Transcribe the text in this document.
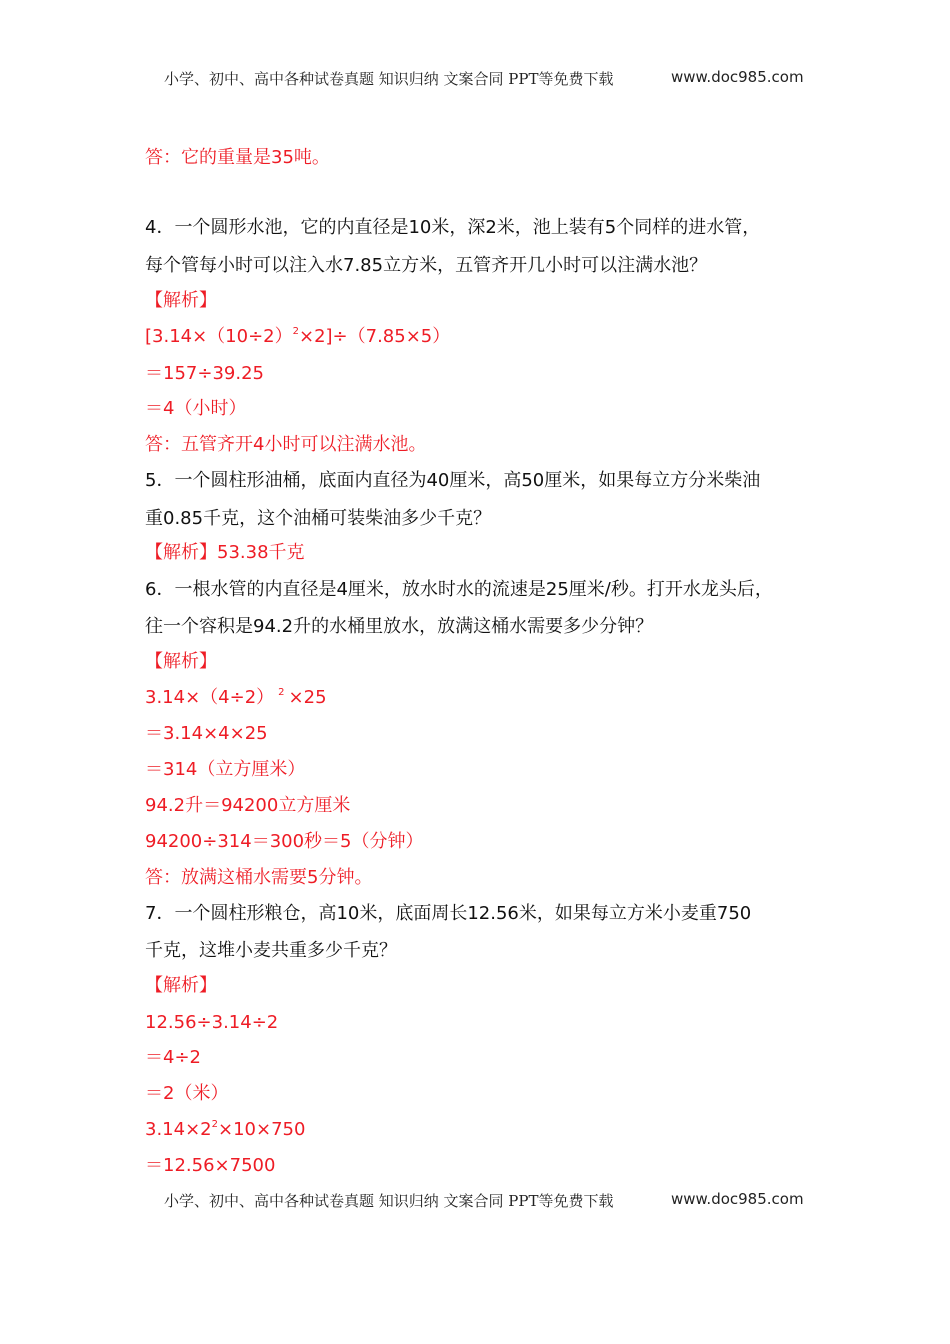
小学、初中、高中各种试卷真题 知识归纳 文案合同 PPT等免费下载	www.doc985.com
答：它的重量是35吨。
4．一个圆形水池，它的内直径是10米，深2米，池上装有5个同样的进水管，
每个管每小时可以注入水7.85立方米，五管齐开几小时可以注满水池？
【解析】
$[3.14\times(10\div 2)^2\times 2]\div(7.85\times 5)$
＝157÷39.25
＝4（小时）
答：五管齐开4小时可以注满水池。
5．一个圆柱形油桶，底面内直径为40厘米，高50厘米，如果每立方分米柴油
重0.85千克，这个油桶可装柴油多少千克？
【解析】53.38千克
6．一根水管的内直径是4厘米，放水时水的流速是25厘米/秒。打开水龙头后，
往一个容积是94.2升的水桶里放水，放满这桶水需要多少分钟？
【解析】
3.14×（4÷2） $^2$ ×25
＝3.14×4×25
＝314（立方厘米）
94.2升＝94200立方厘米
94200÷314＝300秒＝5（分钟）
答：放满这桶水需要5分钟。
7．一个圆柱形粮仓，高10米，底面周长12.56米，如果每立方米小麦重750
千克，这堆小麦共重多少千克？
【解析】
12.56÷3.14÷2
＝4÷2
＝2（米）
$3.14\times 2^2\times 10\times 750$
＝12.56×7500
小学、初中、高中各种试卷真题 知识归纳 文案合同 PPT等免费下载	www.doc985.com
